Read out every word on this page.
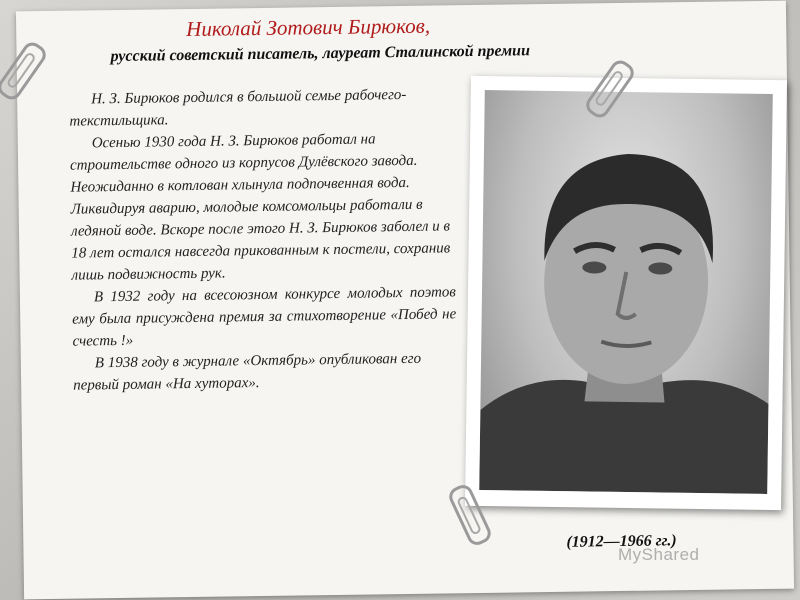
Николай Зотович Бирюков,
русский советский писатель, лауреат Сталинской премии

Н. З. Бирюков родился в большой семье рабочего-текстильщика.

Осенью 1930 года Н. З. Бирюков работал на строительстве одного из корпусов Дулёвского завода. Неожиданно в котлован хлынула подпочвенная вода. Ликвидируя аварию, молодые комсомольцы работали в ледяной воде. Вскоре после этого Н. З. Бирюков заболел и в 18 лет остался навсегда прикованным к постели, сохранив лишь подвижность рук.

В 1932 году на всесоюзном конкурсе молодых поэтов ему была присуждена премия за стихотворение «Побед не счесть !»

В 1938 году в журнале «Октябрь» опубликован его первый роман «На хуторах».

(1912—1966 гг.)

MyShared
